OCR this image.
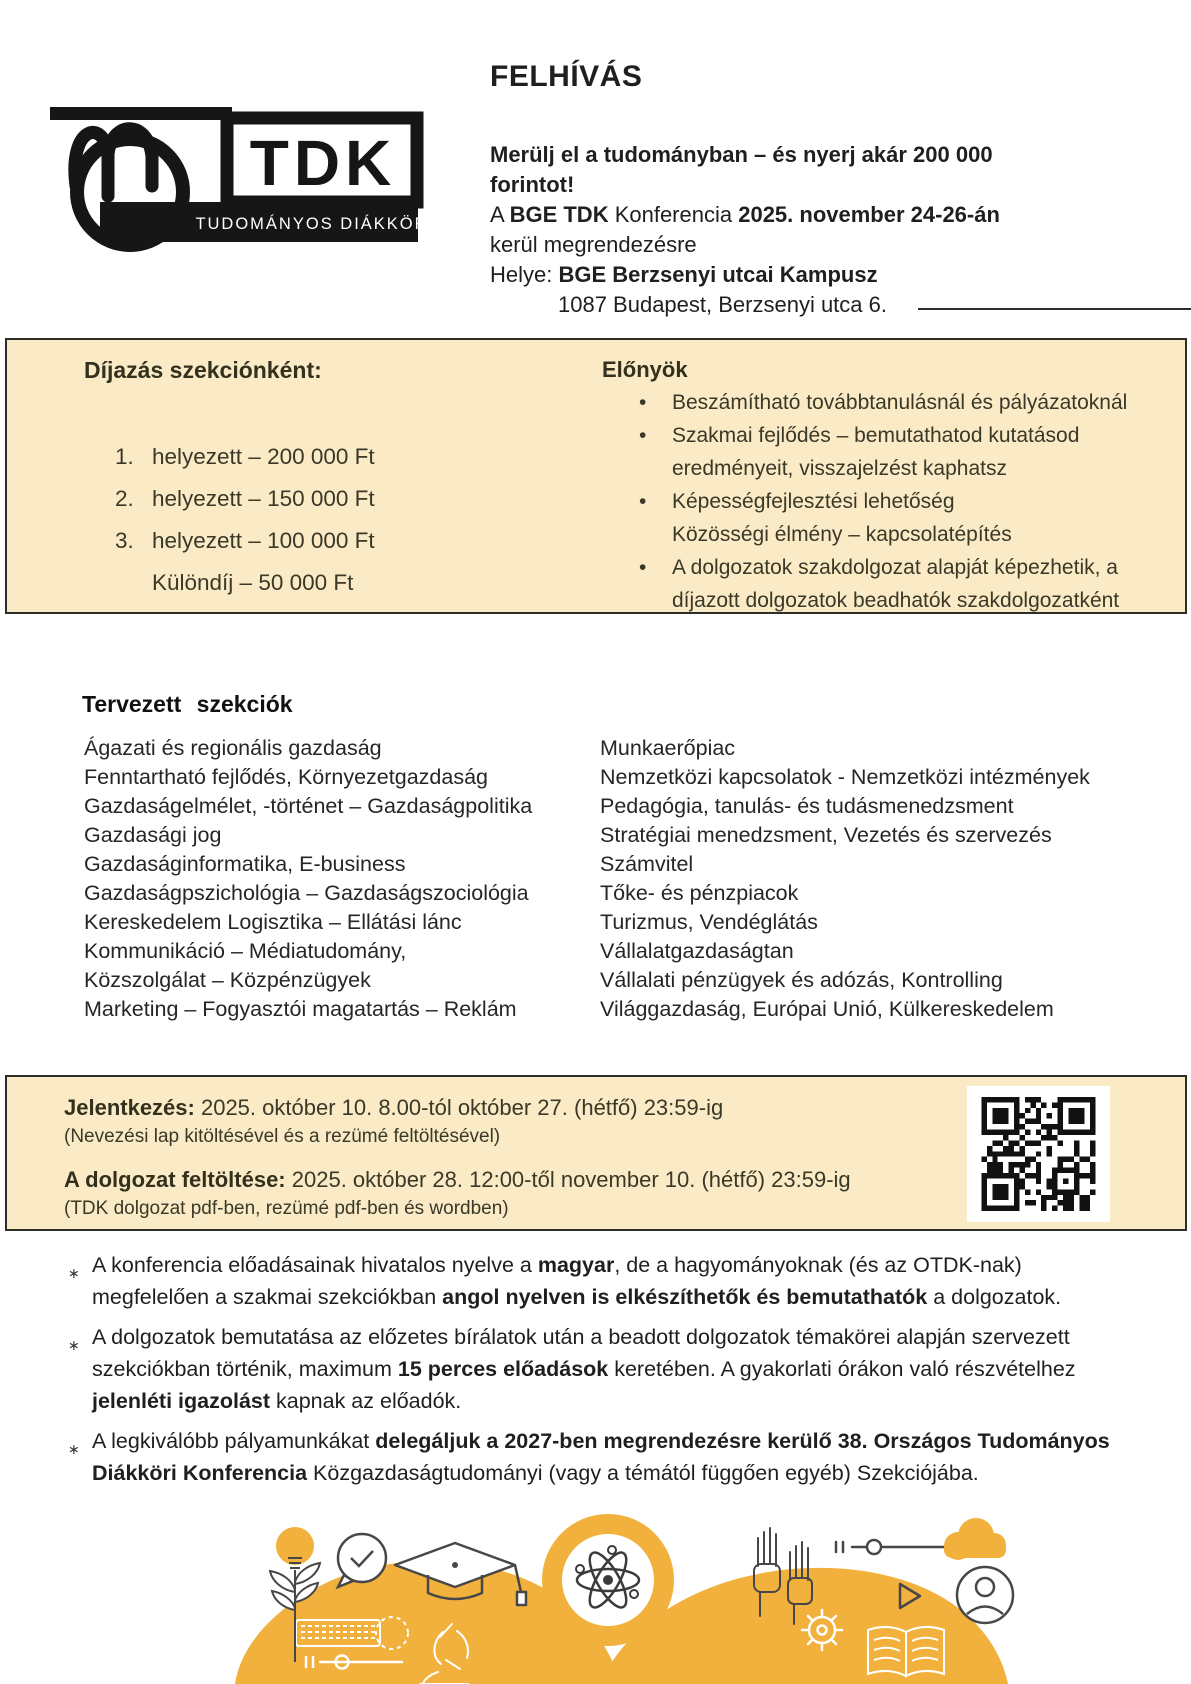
TUDOMÁNYOS DIÁKKÖR
TDK
FELHÍVÁS
Merülj el a tudományban – és nyerj akár 200 000
forintot!
A BGE TDK Konferencia 2025. november 24-26-án
kerül megrendezésre
Helye: BGE Berzsenyi utcai Kampusz
1087 Budapest, Berzsenyi utca 6.
Díjazás szekciónként:
1. helyezett – 200 000 Ft
2. helyezett – 150 000 Ft
3. helyezett – 100 000 Ft
Különdíj – 50 000 Ft
Előnyök
• Beszámítható továbbtanulásnál és pályázatoknál
• Szakmai fejlődés – bemutathatod kutatásod
eredményeit, visszajelzést kaphatsz
• Képességfejlesztési lehetőség
Közösségi élmény – kapcsolatépítés
• A dolgozatok szakdolgozat alapját képezhetik, a
díjazott dolgozatok beadhatók szakdolgozatként
Tervezett szekciók
Ágazati és regionális gazdaság
Fenntartható fejlődés, Környezetgazdaság
Gazdaságelmélet, -történet – Gazdaságpolitika
Gazdasági jog
Gazdaságinformatika, E-business
Gazdaságpszichológia – Gazdaságszociológia
Kereskedelem Logisztika – Ellátási lánc
Kommunikáció – Médiatudomány,
Közszolgálat – Közpénzügyek
Marketing – Fogyasztói magatartás – Reklám
Munkaerőpiac
Nemzetközi kapcsolatok - Nemzetközi intézmények
Pedagógia, tanulás- és tudásmenedzsment
Stratégiai menedzsment, Vezetés és szervezés
Számvitel
Tőke- és pénzpiacok
Turizmus, Vendéglátás
Vállalatgazdaságtan
Vállalati pénzügyek és adózás, Kontrolling
Világgazdaság, Európai Unió, Külkereskedelem
Jelentkezés: 2025. október 10. 8.00-tól október 27. (hétfő) 23:59-ig
(Nevezési lap kitöltésével és a rezümé feltöltésével)
A dolgozat feltöltése: 2025. október 28. 12:00-től november 10. (hétfő) 23:59-ig
(TDK dolgozat pdf-ben, rezümé pdf-ben és wordben)
∗ A konferencia előadásainak hivatalos nyelve a magyar, de a hagyományoknak (és az OTDK-nak) megfelelően a szakmai szekciókban angol nyelven is elkészíthetők és bemutathatók a dolgozatok.
∗ A dolgozatok bemutatása az előzetes bírálatok után a beadott dolgozatok témakörei alapján szervezett szekciókban történik, maximum 15 perces előadások keretében. A gyakorlati órákon való részvételhez jelenléti igazolást kapnak az előadók.
∗ A legkiválóbb pályamunkákat delegáljuk a 2027-ben megrendezésre kerülő 38. Országos Tudományos Diákköri Konferencia Közgazdaságtudományi (vagy a témától függően egyéb) Szekciójába.
